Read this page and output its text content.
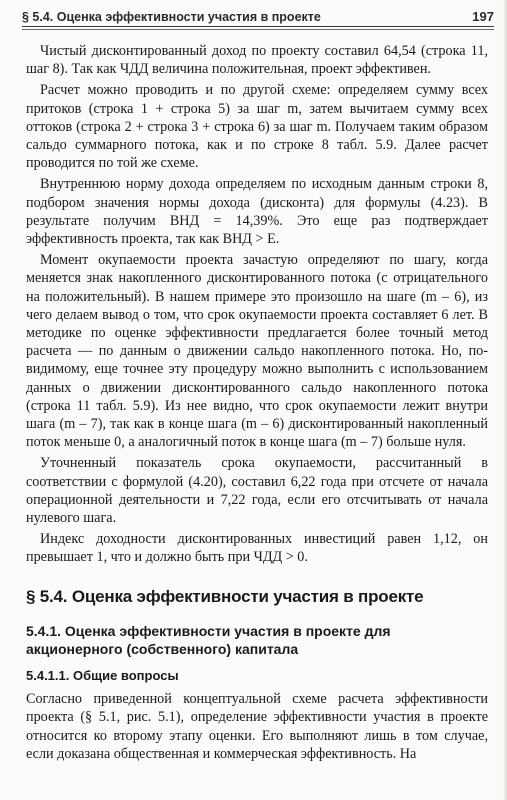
§ 5.4. Оценка эффективности участия в проекте	197

Чистый дисконтированный доход по проекту составил 64,54 (строка 11, шаг 8). Так как ЧДД величина положительная, проект эффективен.

Расчет можно проводить и по другой схеме: определяем сумму всех притоков (строка 1 + строка 5) за шаг m, затем вычитаем сумму всех оттоков (строка 2 + строка 3 + строка 6) за шаг m. Получаем таким образом сальдо суммарного потока, как и по строке 8 табл. 5.9. Далее расчет проводится по той же схеме.

Внутреннюю норму дохода определяем по исходным данным строки 8, подбором значения нормы дохода (дисконта) для формулы (4.23). В результате получим ВНД = 14,39%. Это еще раз подтверждает эффективность проекта, так как ВНД > Е.

Момент окупаемости проекта зачастую определяют по шагу, когда меняется знак накопленного дисконтированного потока (с отрицательного на положительный). В нашем примере это произошло на шаге (m – 6), из чего делаем вывод о том, что срок окупаемости проекта составляет 6 лет. В методике по оценке эффективности предлагается более точный метод расчета — по данным о движении сальдо накопленного потока. Но, по-видимому, еще точнее эту процедуру можно выполнить с использованием данных о движении дисконтированного сальдо накопленного потока (строка 11 табл. 5.9). Из нее видно, что срок окупаемости лежит внутри шага (m – 7), так как в конце шага (m – 6) дисконтированный накопленный поток меньше 0, а аналогичный поток в конце шага (m – 7) больше нуля.

Уточненный показатель срока окупаемости, рассчитанный в соответствии с формулой (4.20), составил 6,22 года при отсчете от начала операционной деятельности и 7,22 года, если его отсчитывать от начала нулевого шага.

Индекс доходности дисконтированных инвестиций равен 1,12, он превышает 1, что и должно быть при ЧДД > 0.

§ 5.4. Оценка эффективности участия в проекте
5.4.1. Оценка эффективности участия в проекте для акционерного (собственного) капитала
5.4.1.1. Общие вопросы

Согласно приведенной концептуальной схеме расчета эффективности проекта (§ 5.1, рис. 5.1), определение эффективности участия в проекте относится ко второму этапу оценки. Его выполняют лишь в том случае, если доказана общественная и коммерческая эффективность. На
